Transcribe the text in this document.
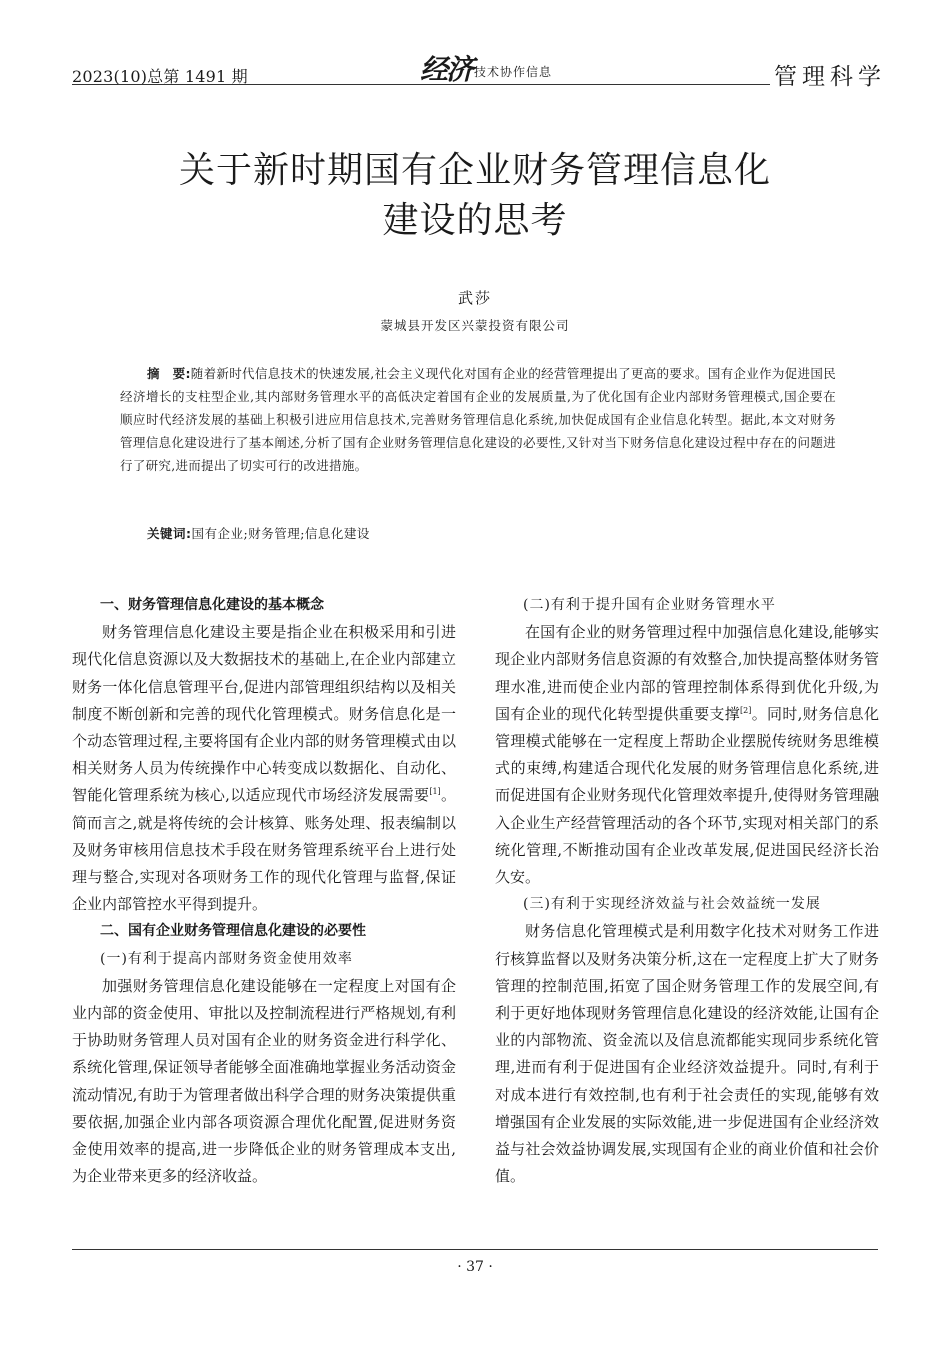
2023(10)总第 1491 期	经济 技术协作信息	管理科学
关于新时期国有企业财务管理信息化
建设的思考
武莎
蒙城县开发区兴蒙投资有限公司
摘　要:随着新时代信息技术的快速发展,社会主义现代化对国有企业的经营管理提出了更高的要求。国有企业作为促进国民经济增长的支柱型企业,其内部财务管理水平的高低决定着国有企业的发展质量,为了优化国有企业内部财务管理模式,国企要在顺应时代经济发展的基础上积极引进应用信息技术,完善财务管理信息化系统,加快促成国有企业信息化转型。据此,本文对财务管理信息化建设进行了基本阐述,分析了国有企业财务管理信息化建设的必要性,又针对当下财务信息化建设过程中存在的问题进行了研究,进而提出了切实可行的改进措施。
关键词:国有企业;财务管理;信息化建设

一、财务管理信息化建设的基本概念

财务管理信息化建设主要是指企业在积极采用和引进现代化信息资源以及大数据技术的基础上,在企业内部建立财务一体化信息管理平台,促进内部管理组织结构以及相关制度不断创新和完善的现代化管理模式。财务信息化是一个动态管理过程,主要将国有企业内部的财务管理模式由以相关财务人员为传统操作中心转变成以数据化、自动化、智能化管理系统为核心,以适应现代市场经济发展需要[1]。简而言之,就是将传统的会计核算、账务处理、报表编制以及财务审核用信息技术手段在财务管理系统平台上进行处理与整合,实现对各项财务工作的现代化管理与监督,保证企业内部管控水平得到提升。

二、国有企业财务管理信息化建设的必要性

(一)有利于提高内部财务资金使用效率

加强财务管理信息化建设能够在一定程度上对国有企业内部的资金使用、审批以及控制流程进行严格规划,有利于协助财务管理人员对国有企业的财务资金进行科学化、系统化管理,保证领导者能够全面准确地掌握业务活动资金流动情况,有助于为管理者做出科学合理的财务决策提供重要依据,加强企业内部各项资源合理优化配置,促进财务资金使用效率的提高,进一步降低企业的财务管理成本支出,为企业带来更多的经济收益。

(二)有利于提升国有企业财务管理水平

在国有企业的财务管理过程中加强信息化建设,能够实现企业内部财务信息资源的有效整合,加快提高整体财务管理水准,进而使企业内部的管理控制体系得到优化升级,为国有企业的现代化转型提供重要支撑[2]。同时,财务信息化管理模式能够在一定程度上帮助企业摆脱传统财务思维模式的束缚,构建适合现代化发展的财务管理信息化系统,进而促进国有企业财务现代化管理效率提升,使得财务管理融入企业生产经营管理活动的各个环节,实现对相关部门的系统化管理,不断推动国有企业改革发展,促进国民经济长治久安。

(三)有利于实现经济效益与社会效益统一发展

财务信息化管理模式是利用数字化技术对财务工作进行核算监督以及财务决策分析,这在一定程度上扩大了财务管理的控制范围,拓宽了国企财务管理工作的发展空间,有利于更好地体现财务管理信息化建设的经济效能,让国有企业的内部物流、资金流以及信息流都能实现同步系统化管理,进而有利于促进国有企业经济效益提升。同时,有利于对成本进行有效控制,也有利于社会责任的实现,能够有效增强国有企业发展的实际效能,进一步促进国有企业经济效益与社会效益协调发展,实现国有企业的商业价值和社会价值。

· 37 ·
